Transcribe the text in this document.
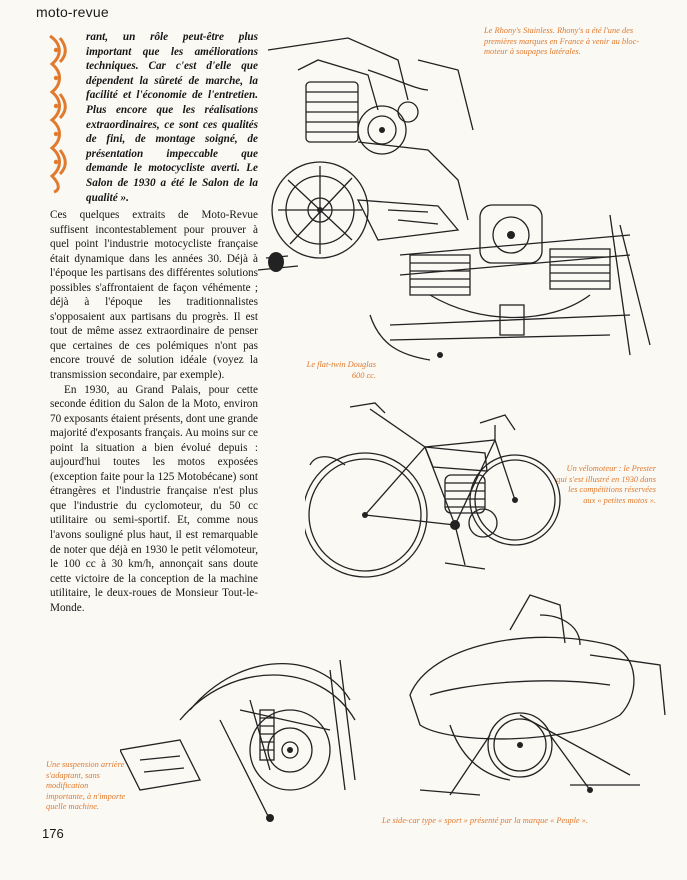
moto-revue

rant, un rôle peut-être plus important que les améliorations techniques. Car c'est d'elle que dépendent la sûreté de marche, la facilité et l'économie de l'entretien. Plus encore que les réalisations extraordinaires, ce sont ces qualités de fini, de montage soigné, de présentation impeccable que demande le motocycliste averti. Le Salon de 1930 a été le Salon de la qualité ».

Ces quelques extraits de Moto-Revue suffisent incontestablement pour prouver à quel point l'industrie motocycliste française était dynamique dans les années 30. Déjà à l'époque les partisans des différentes solutions possibles s'affrontaient de façon véhémente ; déjà à l'époque les traditionnalistes s'opposaient aux partisans du progrès. Il est tout de même assez extraordinaire de penser que certaines de ces polémiques n'ont pas encore trouvé de solution idéale (voyez la transmission secondaire, par exemple).

En 1930, au Grand Palais, pour cette seconde édition du Salon de la Moto, environ 70 exposants étaient présents, dont une grande majorité d'exposants français. Au moins sur ce point la situation a bien évolué depuis : aujourd'hui toutes les motos exposées (exception faite pour la 125 Motobécane) sont étrangères et l'industrie française n'est plus que l'industrie du cyclomoteur, du 50 cc utilitaire ou semi-sportif. Et, comme nous l'avons souligné plus haut, il est remarquable de noter que déjà en 1930 le petit vélomoteur, le 100 cc à 30 km/h, annonçait sans doute cette victoire de la conception de la machine utilitaire, le deux-roues de Monsieur Tout-le-Monde.

Le Rhony's Stainless. Rhony's a été l'une des premières marques en France à venir au bloc-moteur à soupapes latérales.

Le flat-twin Douglas 600 cc.

Un vélomoteur : le Prester qui s'est illustré en 1930 dans les compétitions réservées aux « petites motos ».

Une suspension arrière s'adaptant, sans modification importante, à n'importe quelle machine.

Le side-car type « sport » présenté par la marque « Peuple ».

176
